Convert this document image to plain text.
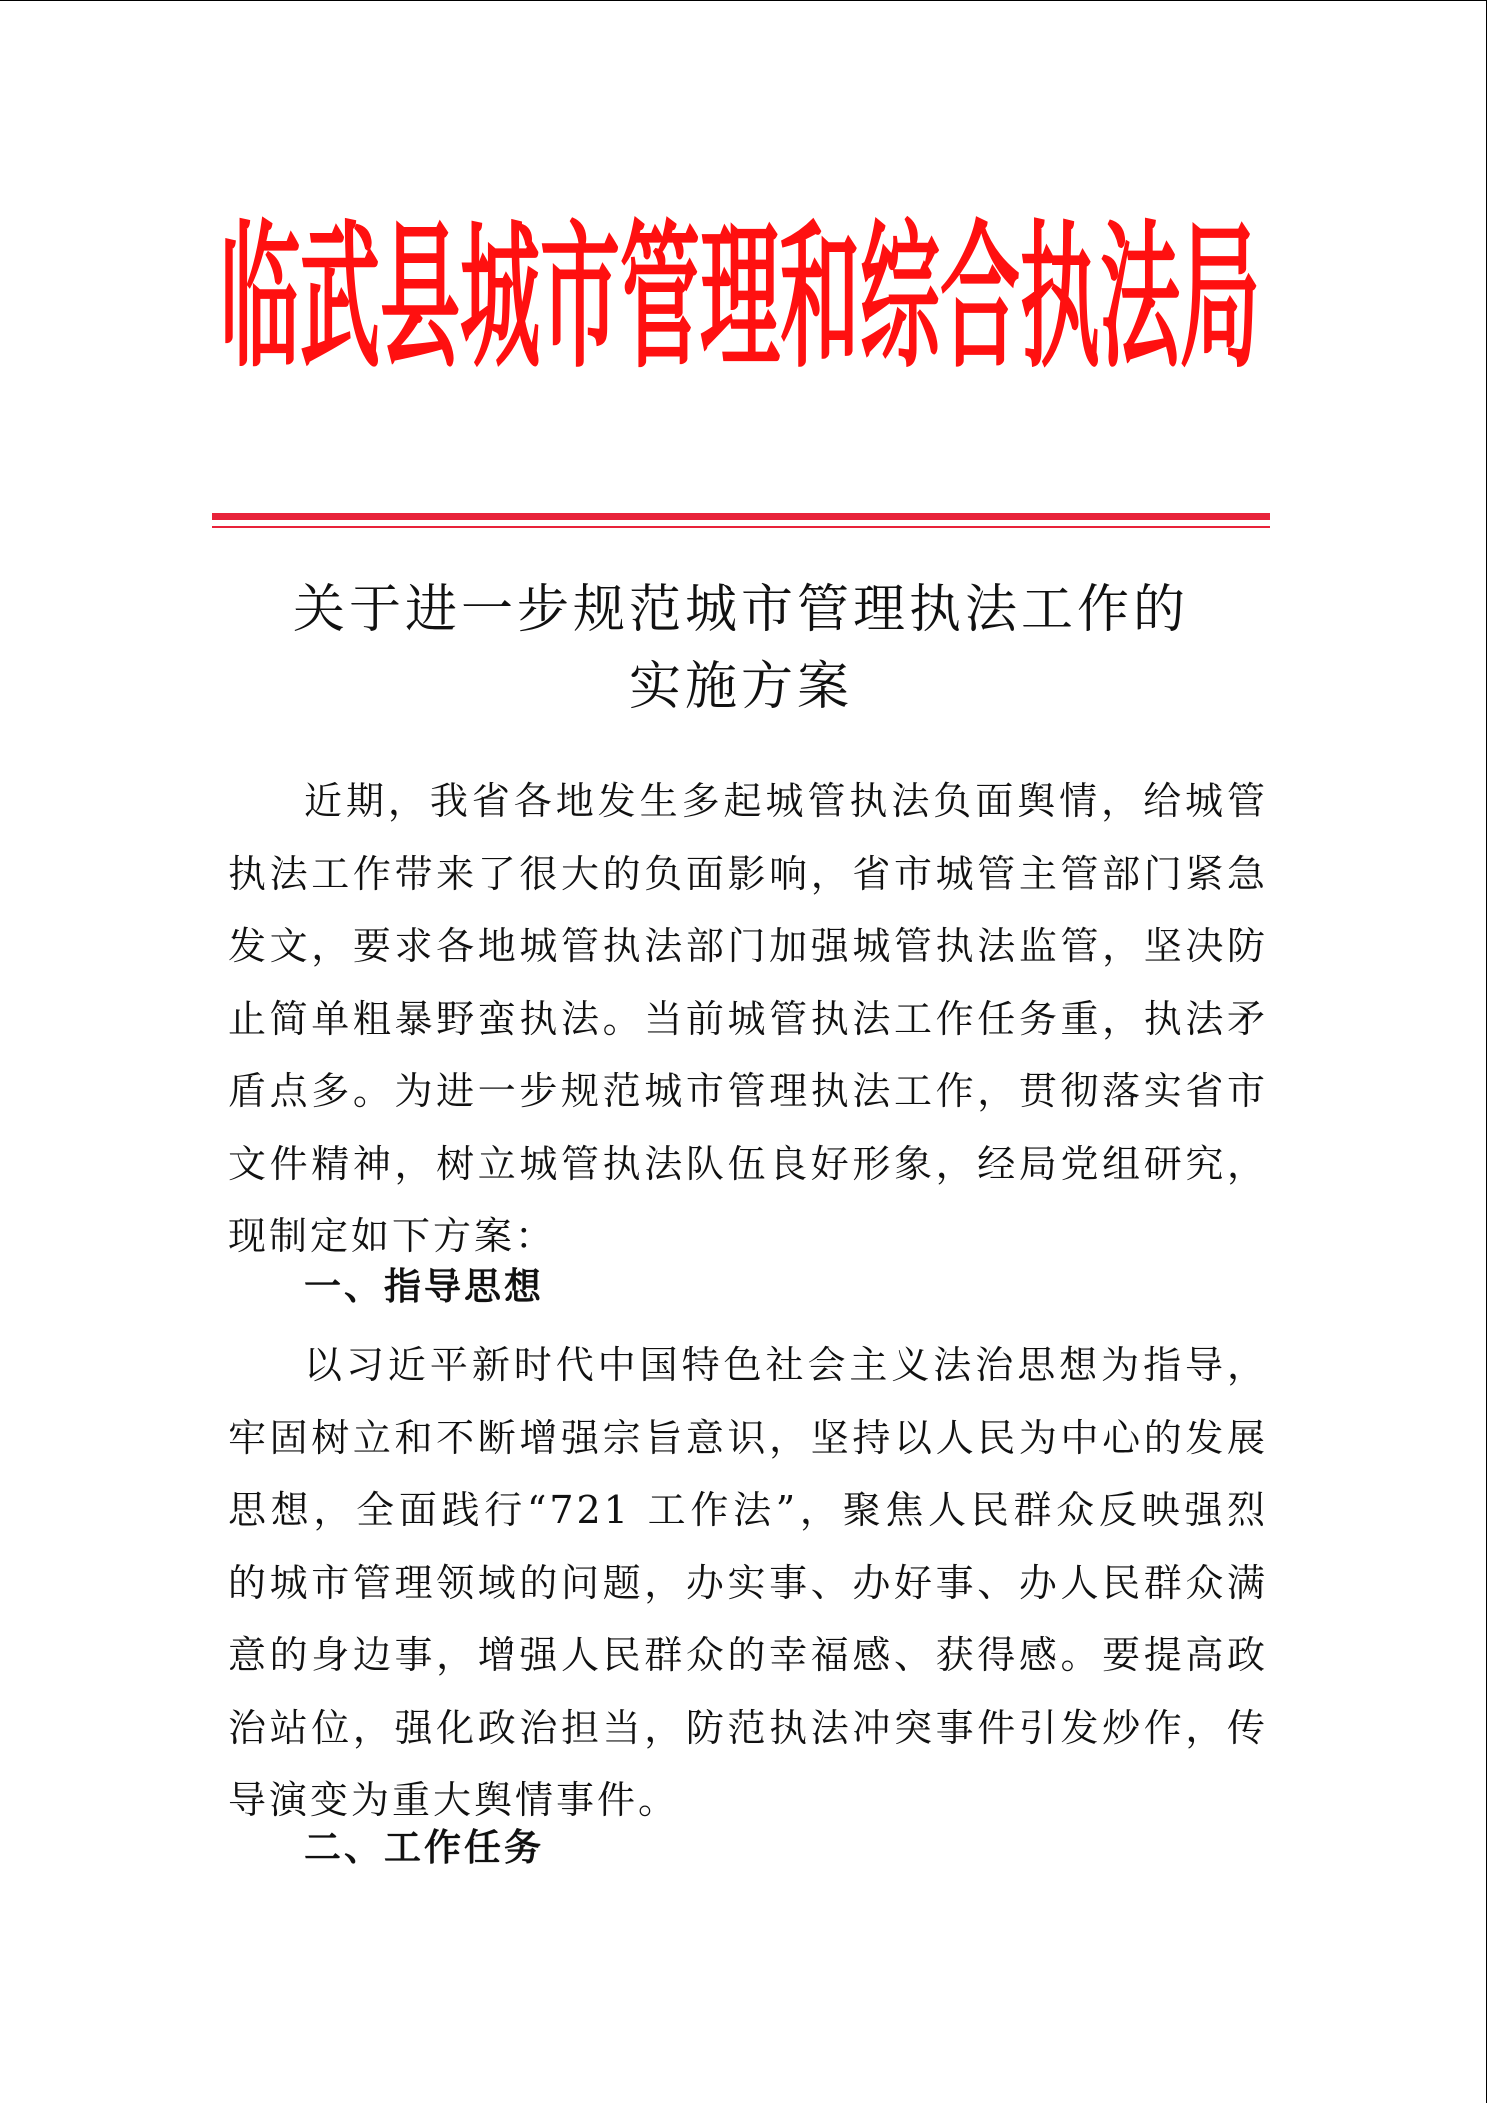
临武县城市管理和综合执法局
关于进一步规范城市管理执法工作的
实施方案

近期，我省各地发生多起城管执法负面舆情，给城管执法工作带来了很大的负面影响，省市城管主管部门紧急发文，要求各地城管执法部门加强城管执法监管，坚决防止简单粗暴野蛮执法。当前城管执法工作任务重，执法矛盾点多。为进一步规范城市管理执法工作，贯彻落实省市文件精神，树立城管执法队伍良好形象，经局党组研究，现制定如下方案：

一、指导思想

以习近平新时代中国特色社会主义法治思想为指导，牢固树立和不断增强宗旨意识，坚持以人民为中心的发展思想，全面践行“721 工作法”，聚焦人民群众反映强烈的城市管理领域的问题，办实事、办好事、办人民群众满意的身边事，增强人民群众的幸福感、获得感。要提高政治站位，强化政治担当，防范执法冲突事件引发炒作，传导演变为重大舆情事件。

二、工作任务
